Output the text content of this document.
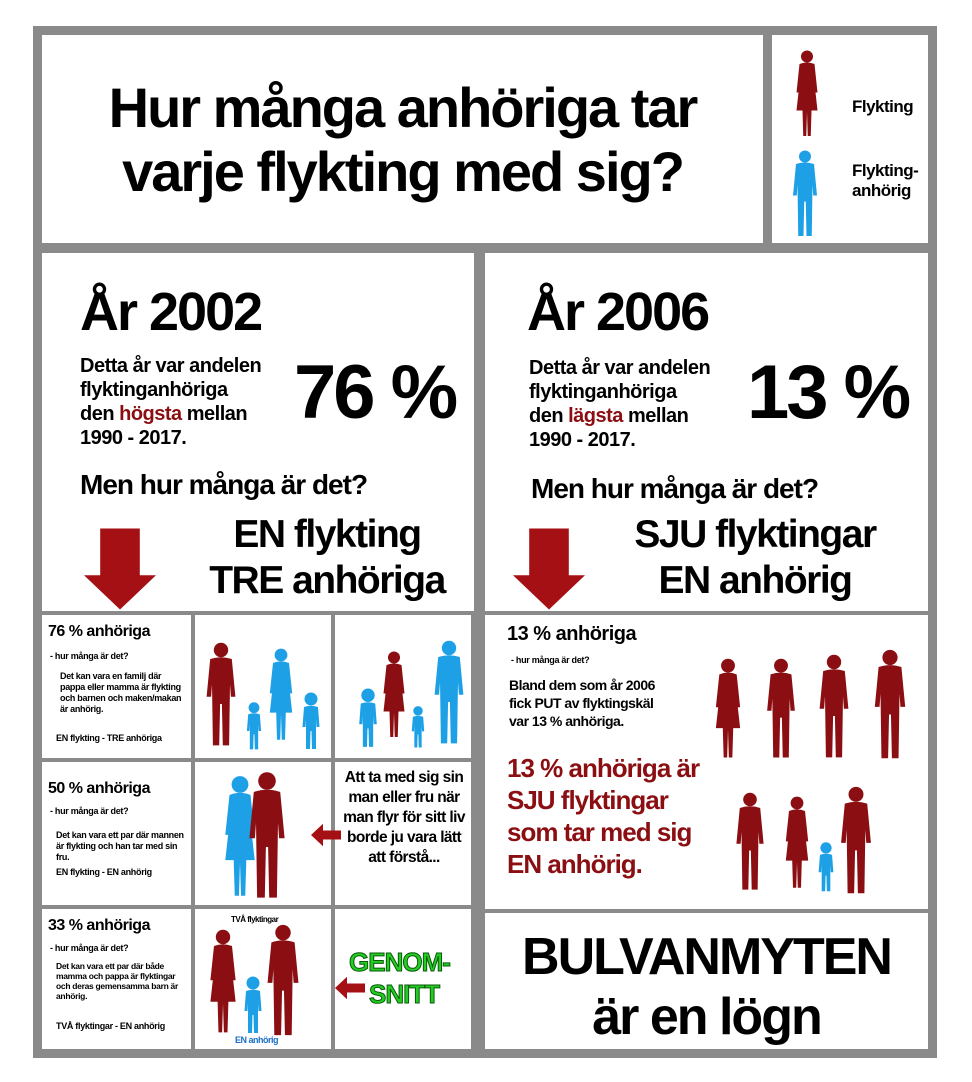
Hur många anhöriga tar
varje flykting med sig?
Flykting
Flykting-
anhörig
År 2002
Detta år var andelen
flyktinganhöriga
den högsta mellan
1990 - 2017.
76 %
Men hur många är det?
EN flykting
TRE anhöriga
År 2006
Detta år var andelen
flyktinganhöriga
den lägsta mellan
1990 - 2017.
13 %
Men hur många är det?
SJU flyktingar
EN anhörig
76 % anhöriga
- hur många är det?
Det kan vara en familj där pappa eller mamma är flykting och barnen och maken/makan är anhörig.
EN flykting - TRE anhöriga
13 % anhöriga
- hur många är det?
Bland dem som år 2006
fick PUT av flyktingskäl
var 13 % anhöriga.
13 % anhöriga är
SJU flyktingar
som tar med sig
EN anhörig.
50 % anhöriga
- hur många är det?
Det kan vara ett par där mannen är flykting och han tar med sin fru.
EN flykting - EN anhörig
Att ta med sig sin man eller fru när man flyr för sitt liv borde ju vara lätt att förstå...
33 % anhöriga
- hur många är det?
Det kan vara ett par där både mamma och pappa är flyktingar och deras gemensamma barn är anhörig.
TVÅ flyktingar - EN anhörig
TVÅ flyktingar
EN anhörig
GENOM-
SNITT
BULVANMYTEN
är en lögn
